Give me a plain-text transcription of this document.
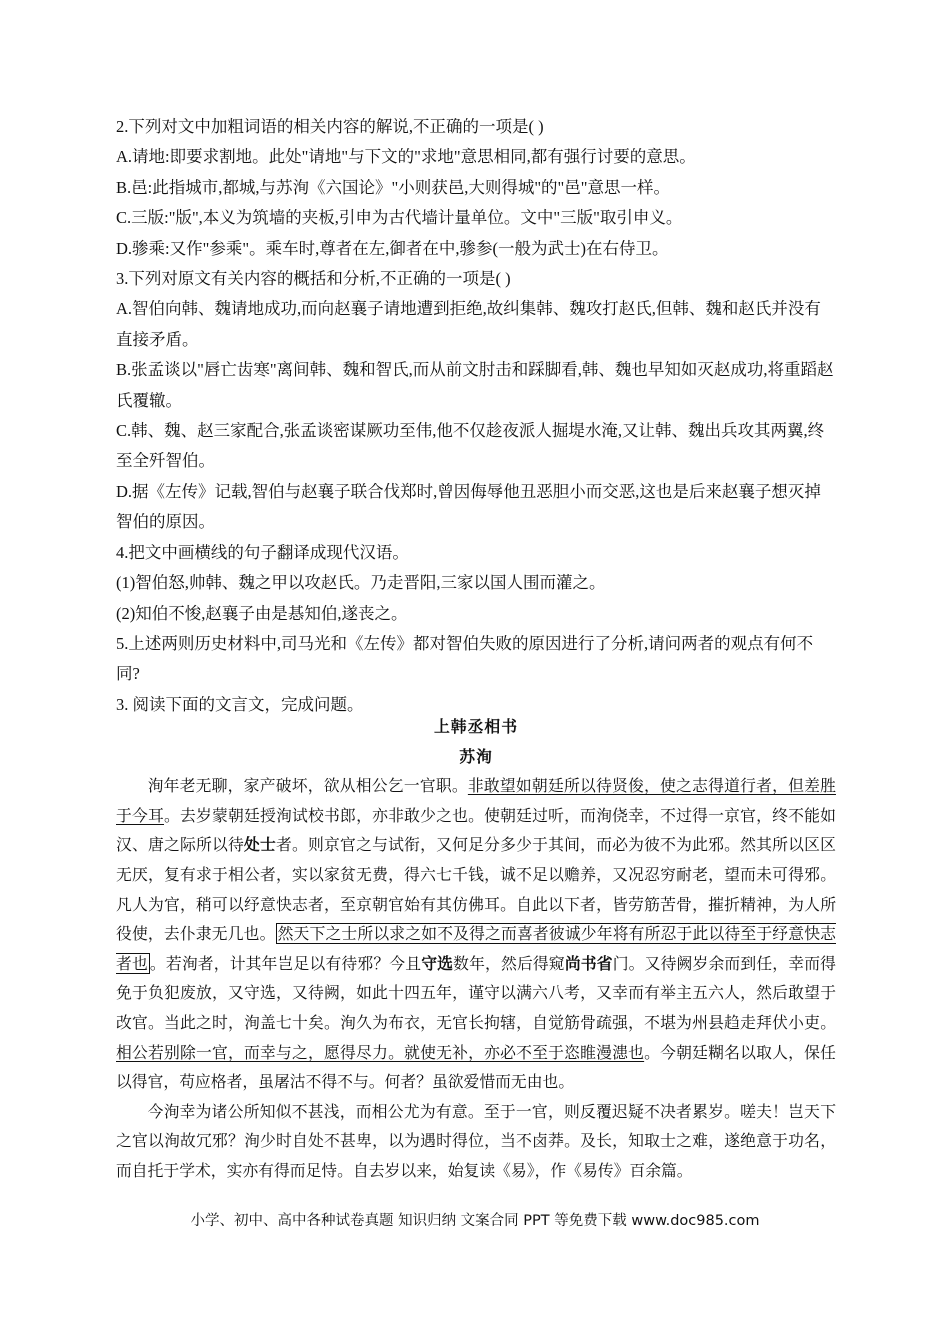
2.下列对文中加粗词语的相关内容的解说,不正确的一项是( )

A.请地:即要求割地。此处"请地"与下文的"求地"意思相同,都有强行讨要的意思。

B.邑:此指城市,都城,与苏洵《六国论》"小则获邑,大则得城"的"邑"意思一样。

C.三版:"版",本义为筑墙的夹板,引申为古代墙计量单位。文中"三版"取引申义。

D.骖乘:又作"参乘"。乘车时,尊者在左,御者在中,骖参(一般为武士)在右侍卫。

3.下列对原文有关内容的概括和分析,不正确的一项是( )

A.智伯向韩、魏请地成功,而向赵襄子请地遭到拒绝,故纠集韩、魏攻打赵氏,但韩、魏和赵氏并没有直接矛盾。

B.张孟谈以"唇亡齿寒"离间韩、魏和智氏,而从前文肘击和踩脚看,韩、魏也早知如灭赵成功,将重蹈赵氏覆辙。

C.韩、魏、赵三家配合,张孟谈密谋厥功至伟,他不仅趁夜派人掘堤水淹,又让韩、魏出兵攻其两翼,终至全歼智伯。

D.据《左传》记载,智伯与赵襄子联合伐郑时,曾因侮辱他丑恶胆小而交恶,这也是后来赵襄子想灭掉智伯的原因。

4.把文中画横线的句子翻译成现代汉语。

(1)智伯怒,帅韩、魏之甲以攻赵氏。乃走晋阳,三家以国人围而灌之。

(2)知伯不悛,赵襄子由是惎知伯,遂丧之。

5.上述两则历史材料中,司马光和《左传》都对智伯失败的原因进行了分析,请问两者的观点有何不同?

3. 阅读下面的文言文，完成问题。

上韩丞相书

苏洵

洵年老无聊，家产破坏，欲从相公乞一官职。非敢望如朝廷所以待贤俊，使之志得道行者，但差胜于今耳。去岁蒙朝廷授洵试校书郎，亦非敢少之也。使朝廷过听，而洵侥幸，不过得一京官，终不能如汉、唐之际所以待处士者。则京官之与试衔，又何足分多少于其间，而必为彼不为此邪。然其所以区区无厌，复有求于相公者，实以家贫无费，得六七千钱，诚不足以赡养，又况忍穷耐老，望而未可得邪。凡人为官，稍可以纾意快志者，至京朝官始有其仿佛耳。自此以下者，皆劳筋苦骨，摧折精神，为人所役使，去仆隶无几也。 然天下之士所以求之如不及得之而喜者彼诚少年将有所忍于此以待至于纾意快志者也 。若洵者，计其年岂足以有待邪？今且守选数年，然后得窥尚书省门。又待阙岁余而到任，幸而得免于负犯废放，又守选，又待阙，如此十四五年，谨守以满六八考，又幸而有举主五六人，然后敢望于改官。当此之时，洵盖七十矣。洵久为布衣，无官长拘辖，自觉筋骨疏强，不堪为州县趋走拜伏小吏。相公若别除一官，而幸与之，愿得尽力。就使无补，亦必不至于恣睢漫漶也。今朝廷糊名以取人，保任以得官，苟应格者，虽屠沽不得不与。何者？虽欲爱惜而无由也。

今洵幸为诸公所知似不甚浅，而相公尤为有意。至于一官，则反覆迟疑不决者累岁。嗟夫！岂天下之官以洵故冗邪？洵少时自处不甚卑，以为遇时得位，当不卤莽。及长，知取士之难，遂绝意于功名，而自托于学术，实亦有得而足恃。自去岁以来，始复读《易》，作《易传》百余篇。

小学、初中、高中各种试卷真题 知识归纳 文案合同 PPT 等免费下载 www.doc985.com
